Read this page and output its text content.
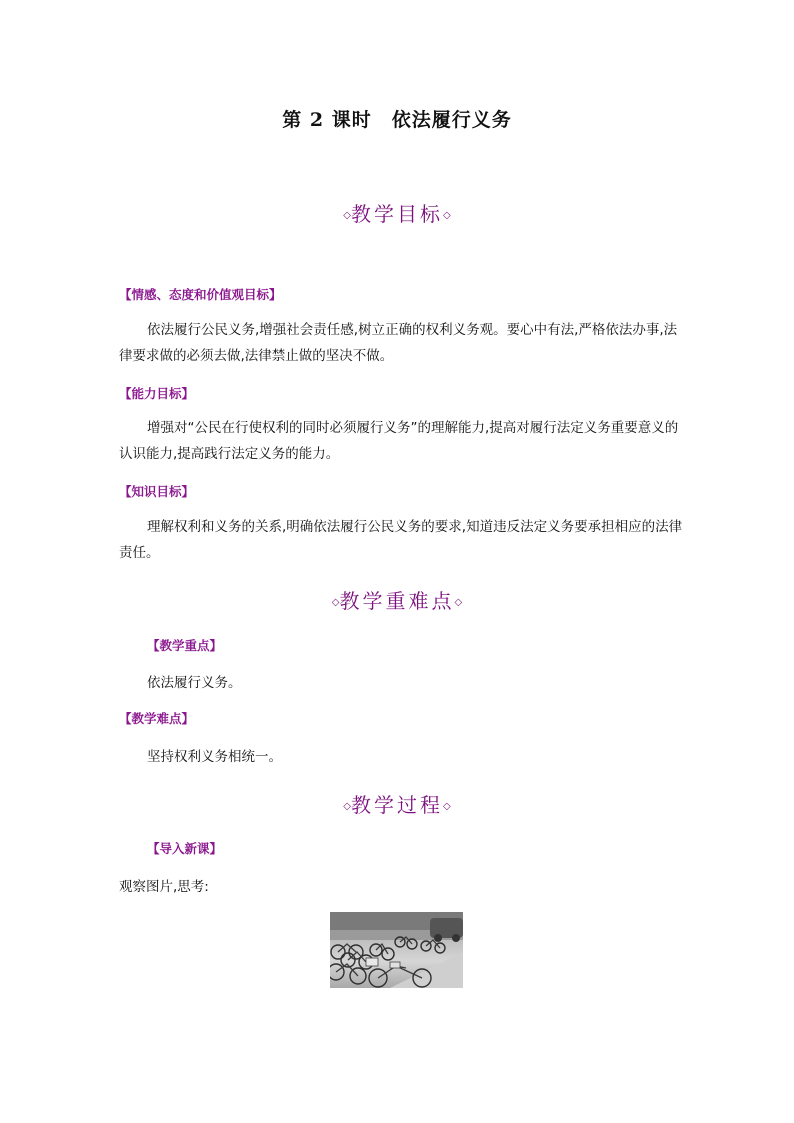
第 2 课时　依法履行义务
◇教学目标◇
【情感、态度和价值观目标】
依法履行公民义务,增强社会责任感,树立正确的权利义务观。要心中有法,严格依法办事,法律要求做的必须去做,法律禁止做的坚决不做。
【能力目标】
增强对“公民在行使权利的同时必须履行义务”的理解能力,提高对履行法定义务重要意义的认识能力,提高践行法定义务的能力。
【知识目标】
理解权利和义务的关系,明确依法履行公民义务的要求,知道违反法定义务要承担相应的法律责任。
◇教学重难点◇
【教学重点】
依法履行义务。
【教学难点】
坚持权利义务相统一。
◇教学过程◇
【导入新课】
观察图片,思考:
